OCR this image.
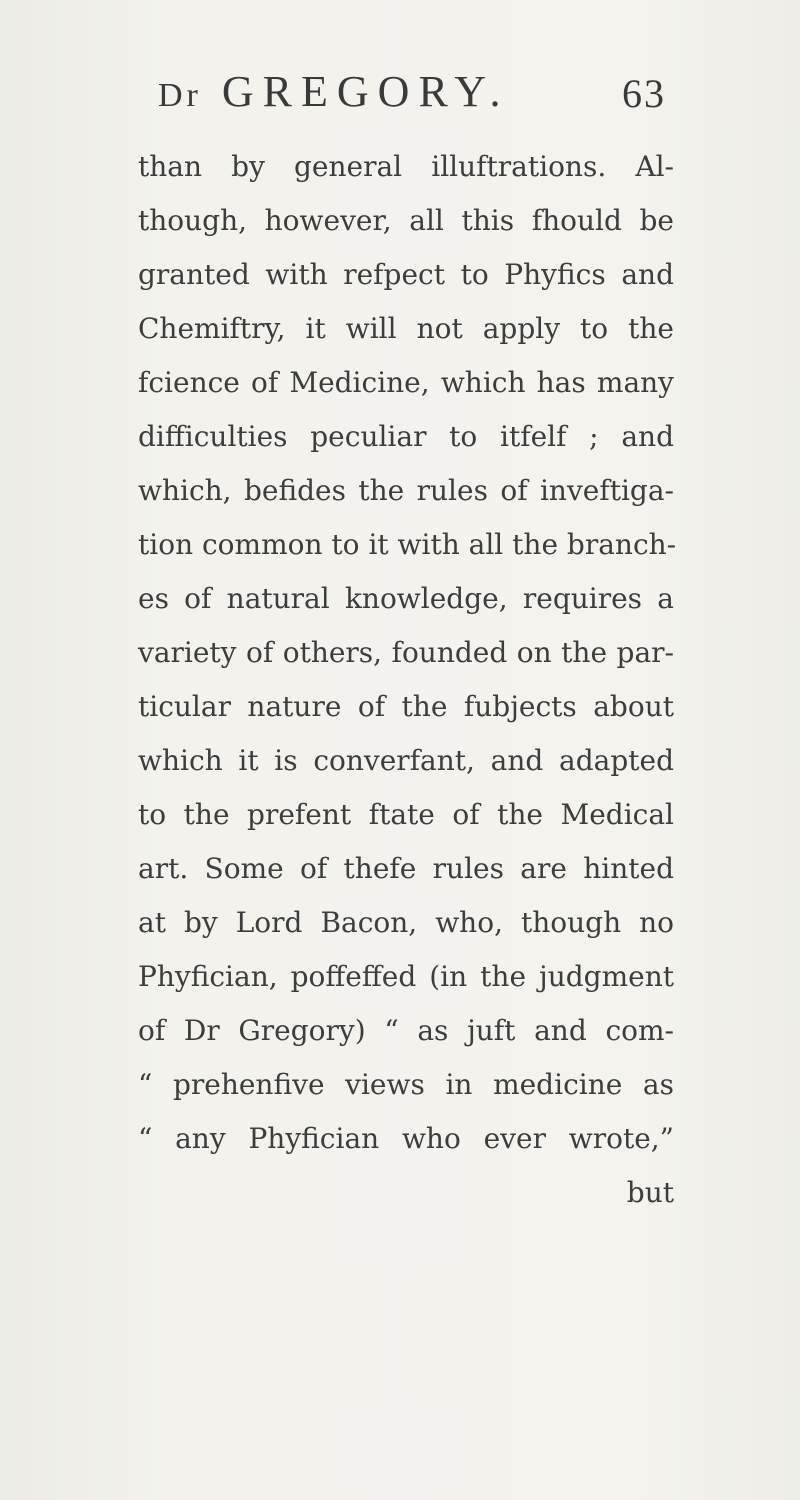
Dr GREGORY.	63
than by general illuftrations. Al-
though, however, all this fhould be
granted with refpect to Phyfics and
Chemiftry, it will not apply to the
fcience of Medicine, which has many
difficulties peculiar to itfelf ; and
which, befides the rules of inveftiga-
tion common to it with all the branch-
es of natural knowledge, requires a
variety of others, founded on the par-
ticular nature of the fubjects about
which it is converfant, and adapted
to the prefent ftate of the Medical
art. Some of thefe rules are hinted
at by Lord Bacon, who, though no
Phyfician, poffeffed (in the judgment
of Dr Gregory) “ as juft and com-
“ prehenfive views in medicine as
“ any Phyfician who ever wrote,”
but
